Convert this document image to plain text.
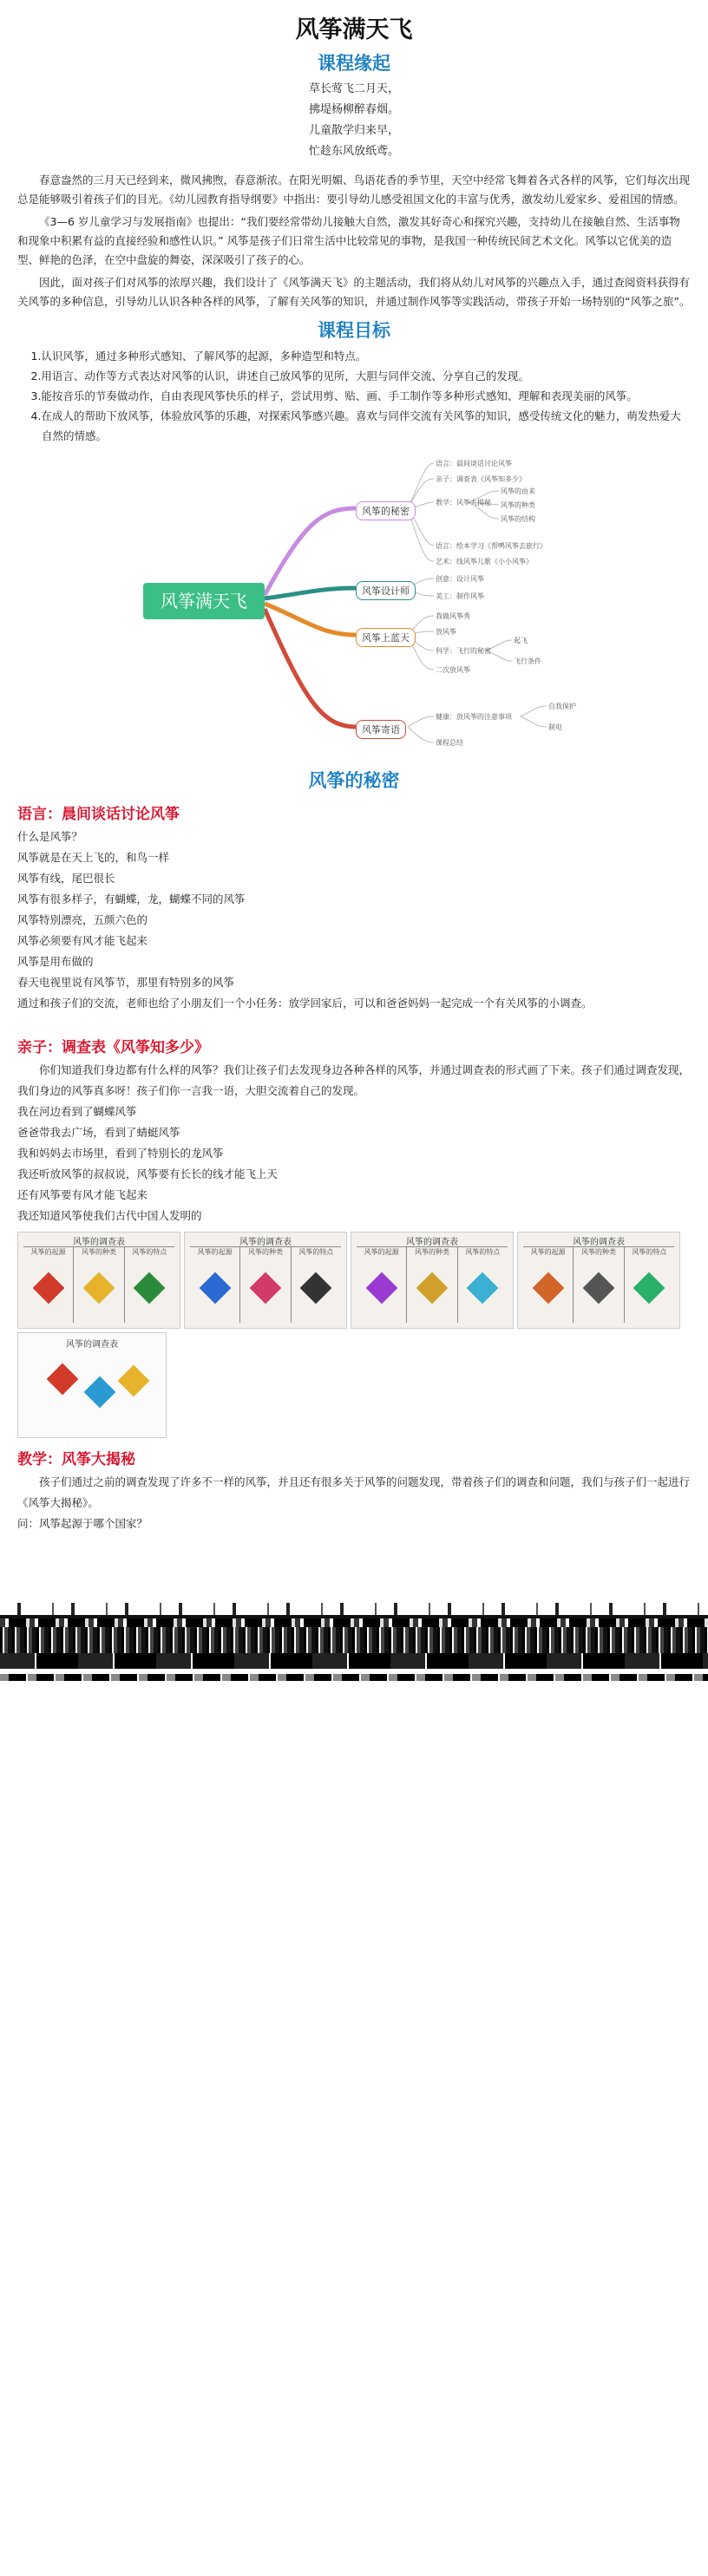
风筝满天飞
课程缘起
草长莺飞二月天，
拂堤杨柳醉春烟。
儿童散学归来早，
忙趁东风放纸鸢。

春意盎然的三月天已经到来，微风拂煦，春意渐浓。在阳光明媚、鸟语花香的季节里，天空中经常飞舞着各式各样的风筝，它们每次出现总是能够吸引着孩子们的目光。《幼儿园教育指导纲要》中指出：要引导幼儿感受祖国文化的丰富与优秀，激发幼儿爱家乡、爱祖国的情感。

《3—6 岁儿童学习与发展指南》也提出：“我们要经常带幼儿接触大自然，激发其好奇心和探究兴趣，支持幼儿在接触自然、生活事物和现象中积累有益的直接经验和感性认识。” 风筝是孩子们日常生活中比较常见的事物，是我国一种传统民间艺术文化。风筝以它优美的造型、鲜艳的色泽，在空中盘旋的舞姿，深深吸引了孩子的心。

因此，面对孩子们对风筝的浓厚兴趣，我们设计了《风筝满天飞》的主题活动，我们将从幼儿对风筝的兴趣点入手，通过查阅资料获得有关风筝的多种信息，引导幼儿认识各种各样的风筝，了解有关风筝的知识，并通过制作风筝等实践活动，带孩子开始一场特别的“风筝之旅”。

课程目标
1.认识风筝，通过多种形式感知、了解风筝的起源，多种造型和特点。
2.用语言、动作等方式表达对风筝的认识，讲述自己放风筝的见所，大胆与同伴交流、分享自己的发现。
3.能按音乐的节奏做动作，自由表现风筝快乐的样子，尝试用剪、贴、画、手工制作等多种形式感知、理解和表现美丽的风筝。
4.在成人的帮助下放风筝，体验放风筝的乐趣，对探索风筝感兴趣。喜欢与同伴交流有关风筝的知识，感受传统文化的魅力，萌发热爱大自然的情感。
风筝满天飞
风筝的秘密
风筝设计师
风筝上蓝天
风筝寄语
语言：晨间谈话讨论风筝
亲子：调查表《风筝知多少》
教学：风筝大揭秘
风筝的由来
风筝的种类
风筝的结构
语言：绘本学习《帮鸭风筝去旅行》
艺术：线风筝儿歌《小小风筝》
创意：设计风筝
美工：制作风筝
我做风筝秀
放风筝
科学：飞行的秘密
起飞
飞行条件
二次放风筝
健康：放风筝的注意事项
自我保护
制电
课程总结
风筝的秘密
语言：晨间谈话讨论风筝
什么是风筝？
风筝就是在天上飞的，和鸟一样
风筝有线，尾巴很长
风筝有很多样子，有蝴蝶，龙，蝴蝶不同的风筝
风筝特别漂亮，五颜六色的
风筝必须要有风才能飞起来
风筝是用布做的
春天电视里说有风筝节，那里有特别多的风筝
通过和孩子们的交流，老师也给了小朋友们一个小任务：放学回家后，可以和爸爸妈妈一起完成一个有关风筝的小调查。
亲子：调查表《风筝知多少》
你们知道我们身边都有什么样的风筝？我们让孩子们去发现身边各种各样的风筝，并通过调查表的形式画了下来。孩子们通过调查发现，我们身边的风筝真多呀！孩子们你一言我一语，大胆交流着自己的发现。
我在河边看到了蝴蝶风筝
爸爸带我去广场，看到了蜻蜓风筝
我和妈妈去市场里，看到了特别长的龙风筝
我还听放风筝的叔叔说，风筝要有长长的线才能飞上天
还有风筝要有风才能飞起来
我还知道风筝使我们古代中国人发明的
风筝的调查表
风筝的起源	风筝的种类	风筝的特点
风筝的调查表
风筝的起源	风筝的种类	风筝的特点
风筝的调查表
风筝的起源	风筝的种类	风筝的特点
风筝的调查表
风筝的起源	风筝的种类	风筝的特点
风筝的调查表
教学：风筝大揭秘
孩子们通过之前的调查发现了许多不一样的风筝，并且还有很多关于风筝的问题发现，带着孩子们的调查和问题，我们与孩子们一起进行《风筝大揭秘》。
问：风筝起源于哪个国家？
